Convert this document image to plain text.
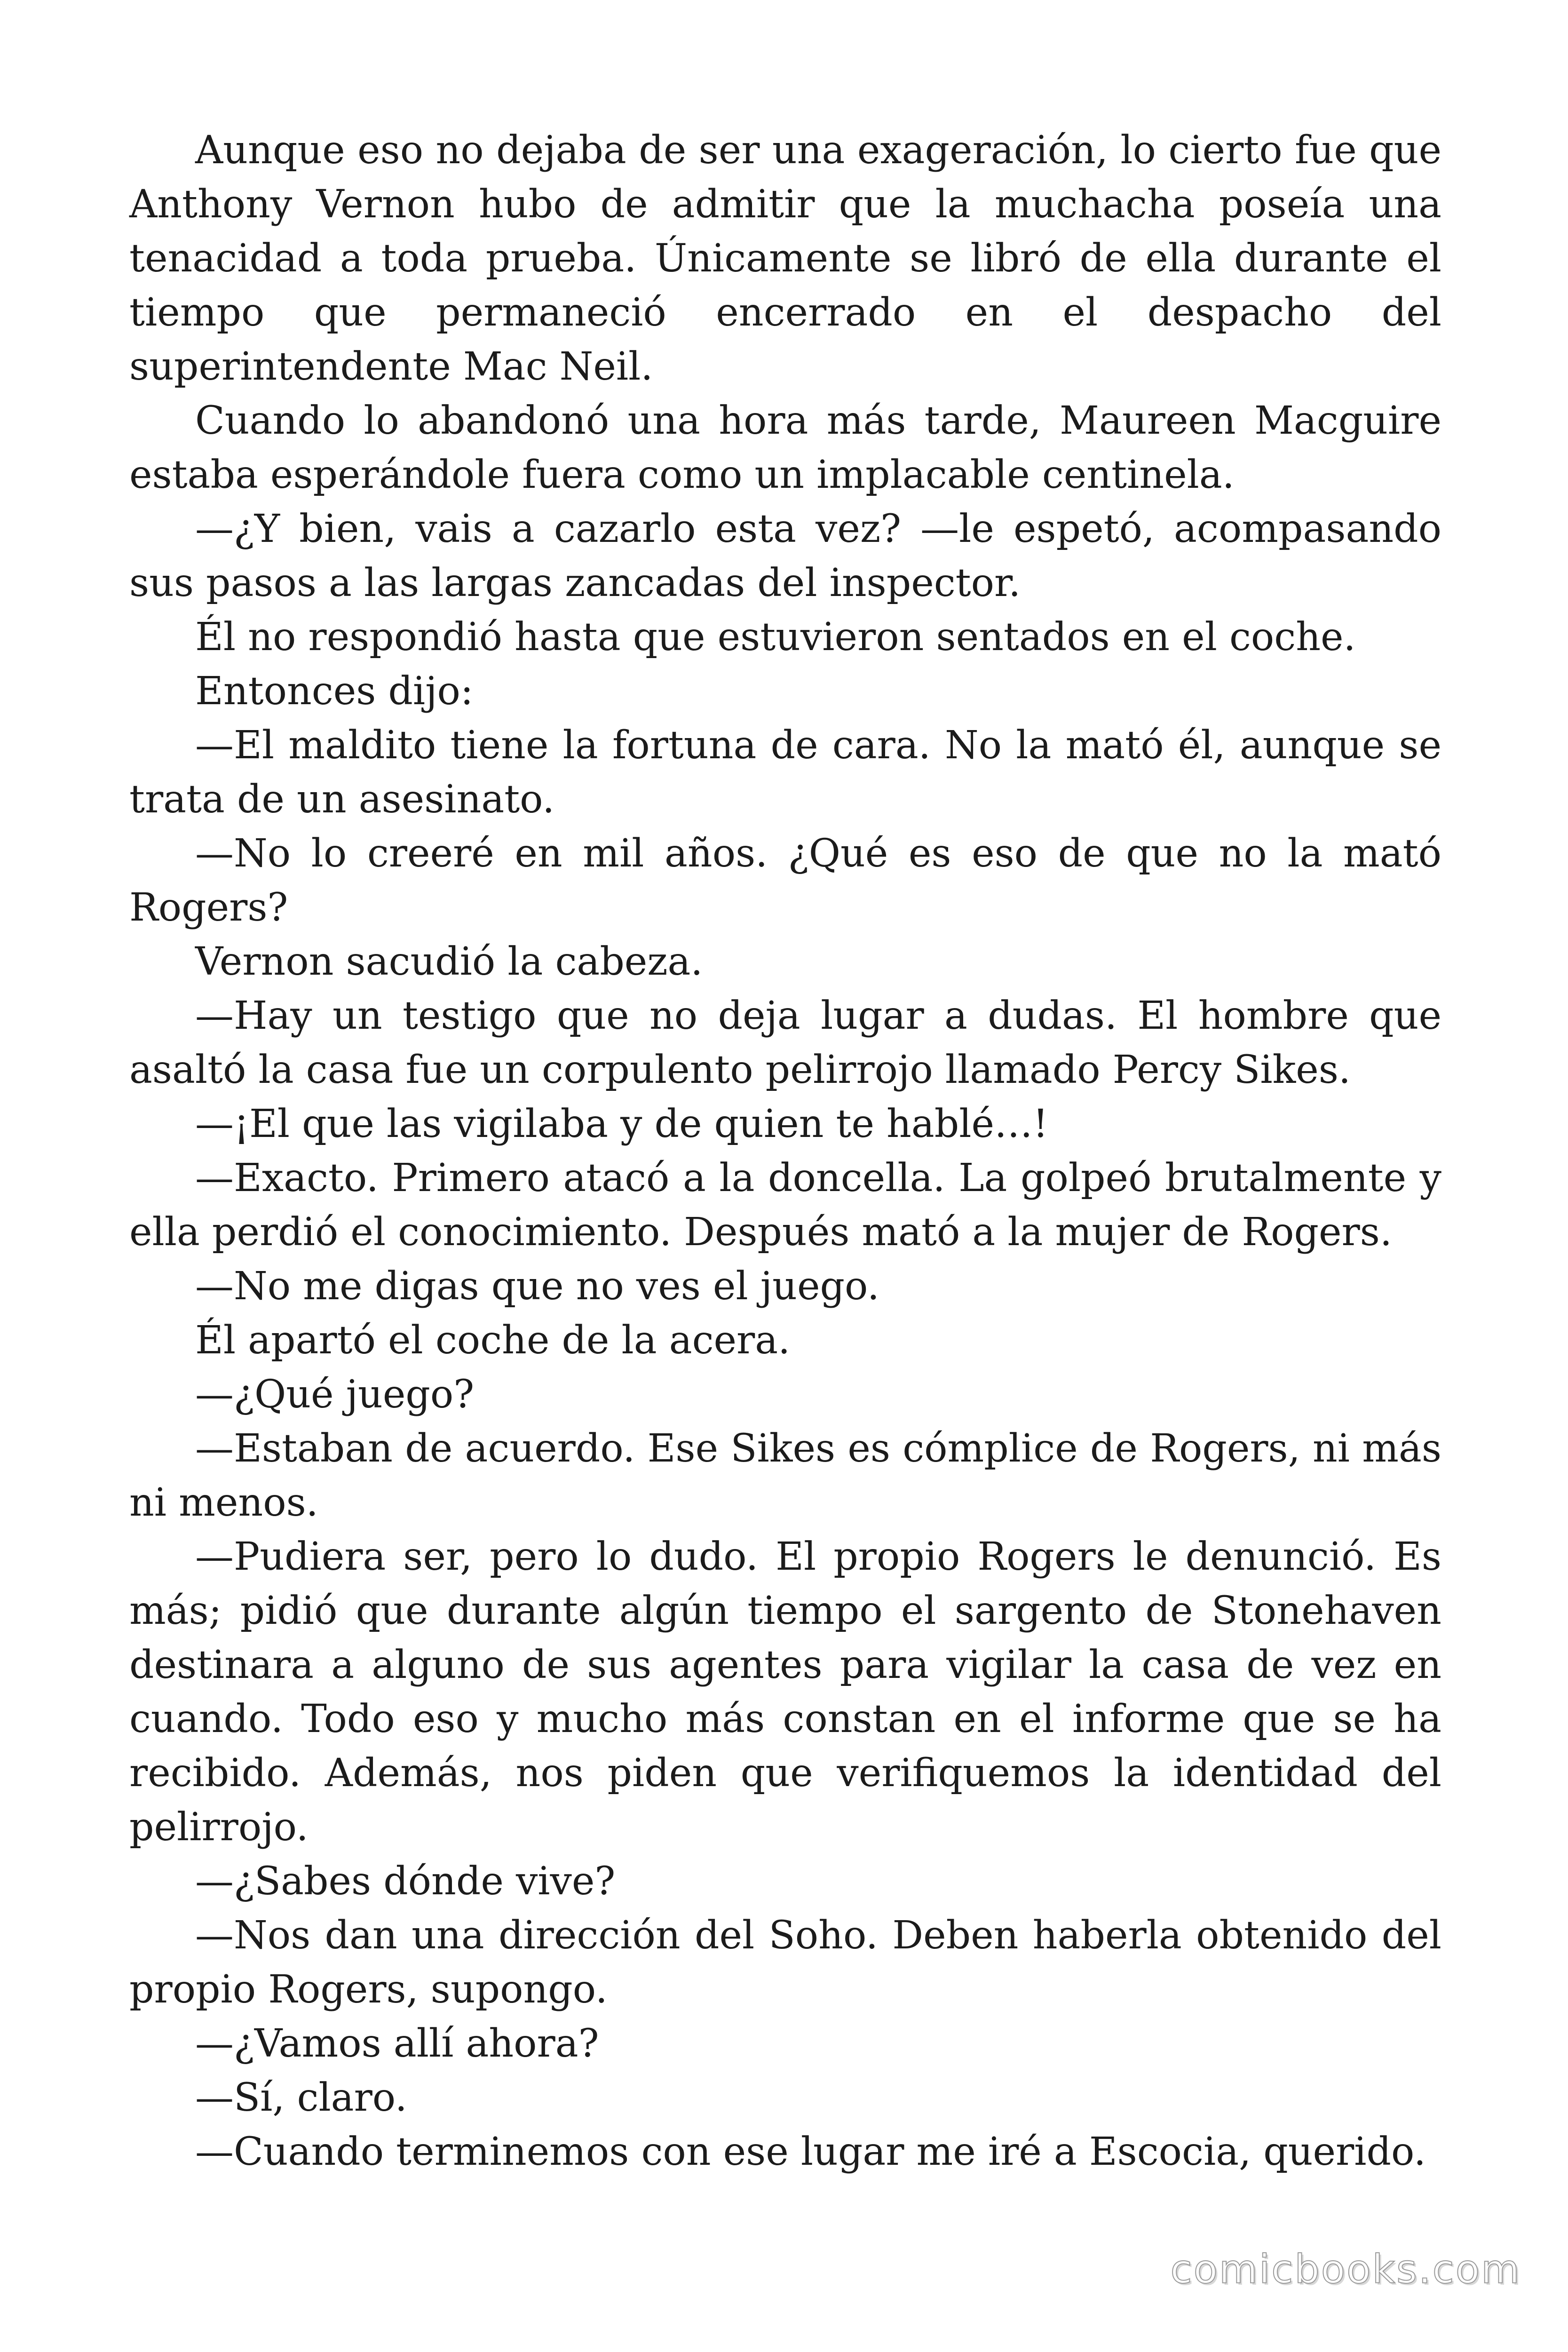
Aunque eso no dejaba de ser una exageración, lo cierto fue que Anthony Vernon hubo de admitir que la muchacha poseía una tenacidad a toda prueba. Únicamente se libró de ella durante el tiempo que permaneció encerrado en el despacho del superintendente Mac Neil.

Cuando lo abandonó una hora más tarde, Maureen Macguire estaba esperándole fuera como un implacable centinela.

—¿Y bien, vais a cazarlo esta vez? —le espetó, acompasando sus pasos a las largas zancadas del inspector.

Él no respondió hasta que estuvieron sentados en el coche.

Entonces dijo:

—El maldito tiene la fortuna de cara. No la mató él, aunque se trata de un asesinato.

—No lo creeré en mil años. ¿Qué es eso de que no la mató Rogers?

Vernon sacudió la cabeza.

—Hay un testigo que no deja lugar a dudas. El hombre que asaltó la casa fue un corpulento pelirrojo llamado Percy Sikes.

—¡El que las vigilaba y de quien te hablé…!

—Exacto. Primero atacó a la doncella. La golpeó brutalmente y ella perdió el conocimiento. Después mató a la mujer de Rogers.

—No me digas que no ves el juego.

Él apartó el coche de la acera.

—¿Qué juego?

—Estaban de acuerdo. Ese Sikes es cómplice de Rogers, ni más ni menos.

—Pudiera ser, pero lo dudo. El propio Rogers le denunció. Es más; pidió que durante algún tiempo el sargento de Stonehaven destinara a alguno de sus agentes para vigilar la casa de vez en cuando. Todo eso y mucho más constan en el informe que se ha recibido. Además, nos piden que verifiquemos la identidad del pelirrojo.

—¿Sabes dónde vive?

—Nos dan una dirección del Soho. Deben haberla obtenido del propio Rogers, supongo.

—¿Vamos allí ahora?

—Sí, claro.

—Cuando terminemos con ese lugar me iré a Escocia, querido.

comicbooks.com
